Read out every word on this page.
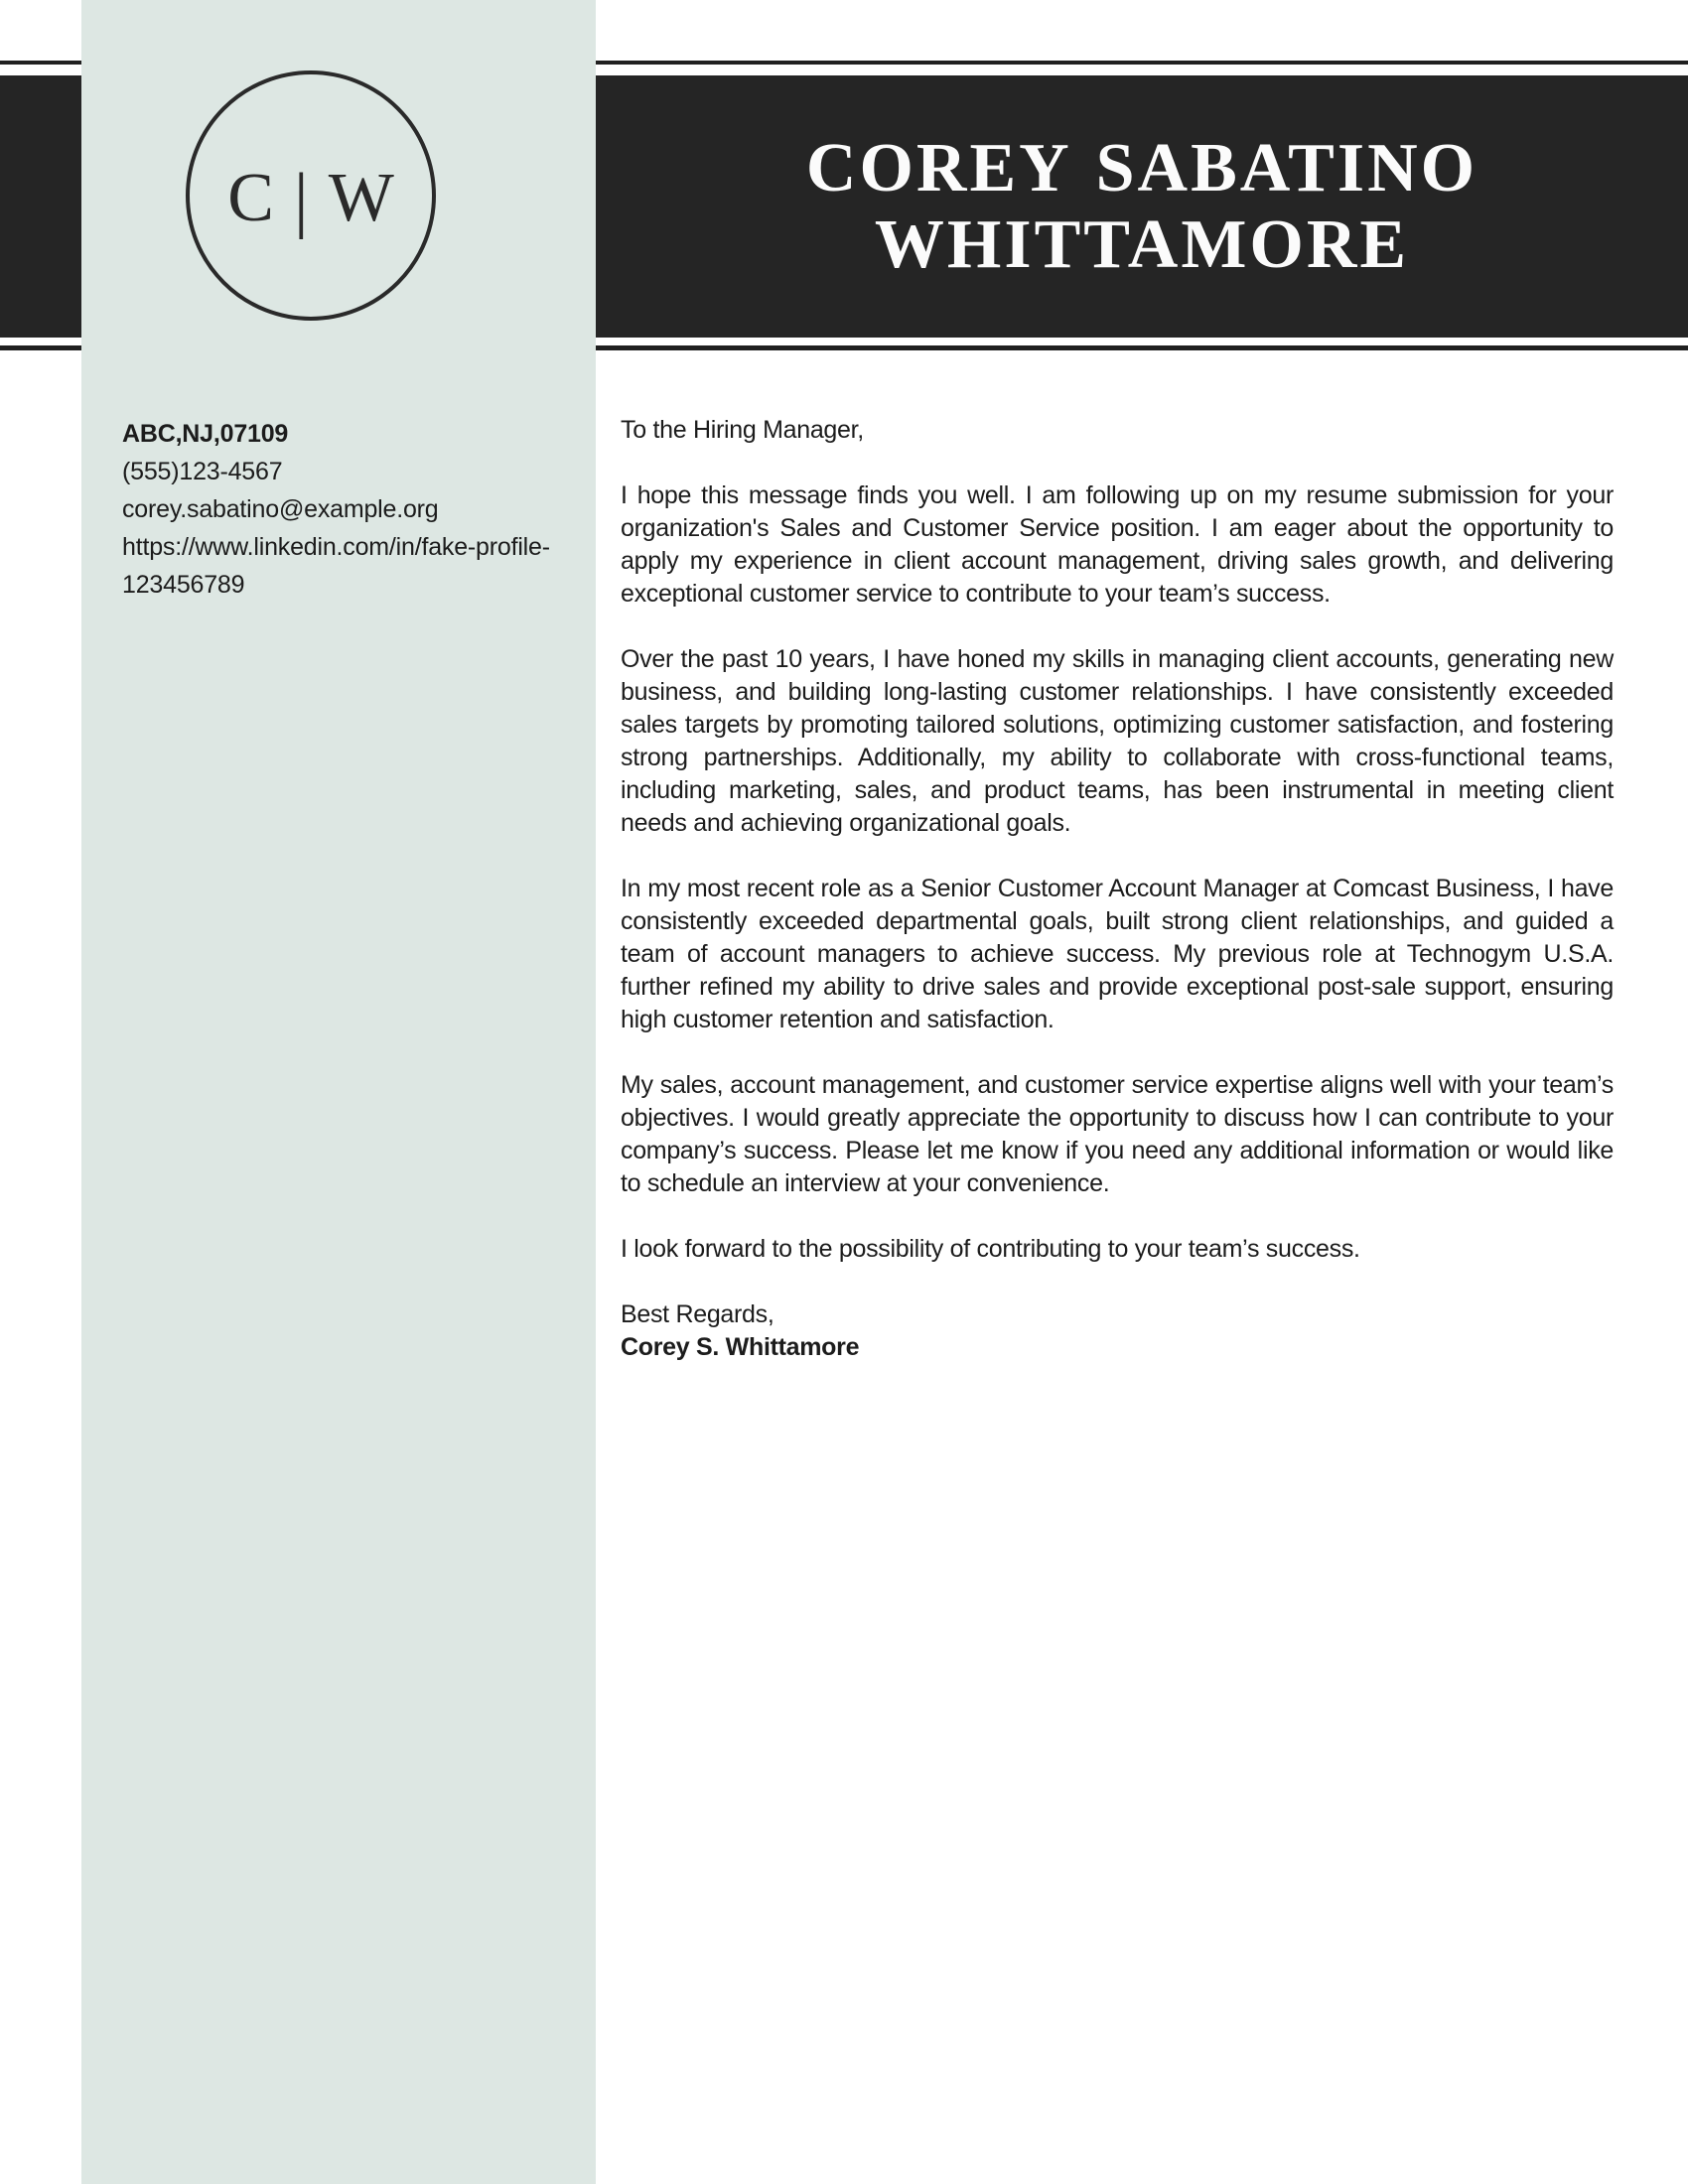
COREY SABATINO
WHITTAMORE
C | W
ABC,NJ,07109
(555)123-4567
corey.sabatino@example.org
https://www.linkedin.com/in/fake-profile-123456789

To the Hiring Manager,

I hope this message finds you well. I am following up on my resume submission for your organization's Sales and Customer Service position. I am eager about the opportunity to apply my experience in client account management, driving sales growth, and delivering exceptional customer service to contribute to your team’s success.

Over the past 10 years, I have honed my skills in managing client accounts, generating new business, and building long-lasting customer relationships. I have consistently exceeded sales targets by promoting tailored solutions, optimizing customer satisfaction, and fostering strong partnerships. Additionally, my ability to collaborate with cross-functional teams, including marketing, sales, and product teams, has been instrumental in meeting client needs and achieving organizational goals.

In my most recent role as a Senior Customer Account Manager at Comcast Business, I have consistently exceeded departmental goals, built strong client relationships, and guided a team of account managers to achieve success. My previous role at Technogym U.S.A. further refined my ability to drive sales and provide exceptional post-sale support, ensuring high customer retention and satisfaction.

My sales, account management, and customer service expertise aligns well with your team’s objectives. I would greatly appreciate the opportunity to discuss how I can contribute to your company’s success. Please let me know if you need any additional information or would like to schedule an interview at your convenience.

I look forward to the possibility of contributing to your team’s success.

Best Regards,

Corey S. Whittamore
